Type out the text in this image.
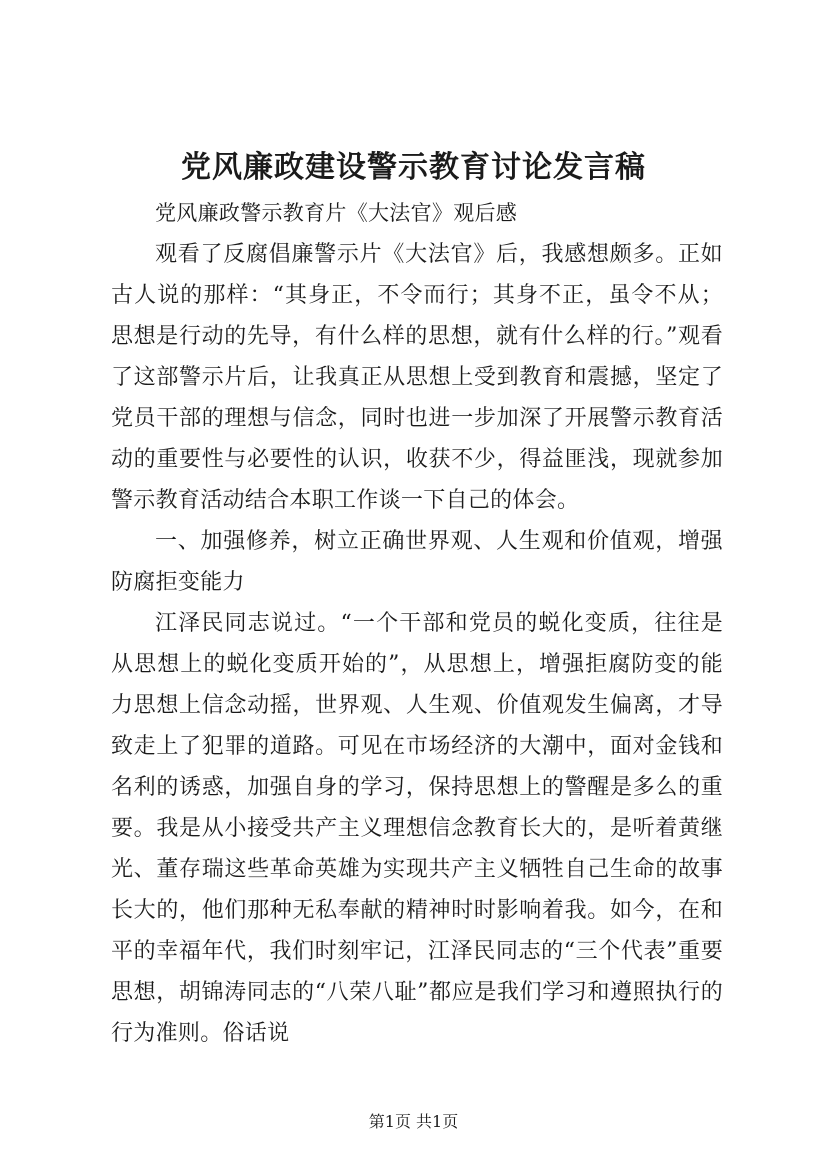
党风廉政建设警示教育讨论发言稿

党风廉政警示教育片《大法官》观后感

观看了反腐倡廉警示片《大法官》后，我感想颇多。正如古人说的那样：“其身正，不令而行；其身不正，虽令不从；思想是行动的先导，有什么样的思想，就有什么样的行。”观看了这部警示片后，让我真正从思想上受到教育和震撼，坚定了党员干部的理想与信念，同时也进一步加深了开展警示教育活动的重要性与必要性的认识，收获不少，得益匪浅，现就参加警示教育活动结合本职工作谈一下自己的体会。

一、加强修养，树立正确世界观、人生观和价值观，增强防腐拒变能力

江泽民同志说过。“一个干部和党员的蜕化变质，往往是从思想上的蜕化变质开始的”，从思想上，增强拒腐防变的能力思想上信念动摇，世界观、人生观、价值观发生偏离，才导致走上了犯罪的道路。可见在市场经济的大潮中，面对金钱和名利的诱惑，加强自身的学习，保持思想上的警醒是多么的重要。我是从小接受共产主义理想信念教育长大的，是听着黄继光、董存瑞这些革命英雄为实现共产主义牺牲自己生命的故事长大的，他们那种无私奉献的精神时时影响着我。如今，在和平的幸福年代，我们时刻牢记，江泽民同志的“三个代表”重要思想，胡锦涛同志的“八荣八耻”都应是我们学习和遵照执行的行为准则。俗话说

第1页 共1页
